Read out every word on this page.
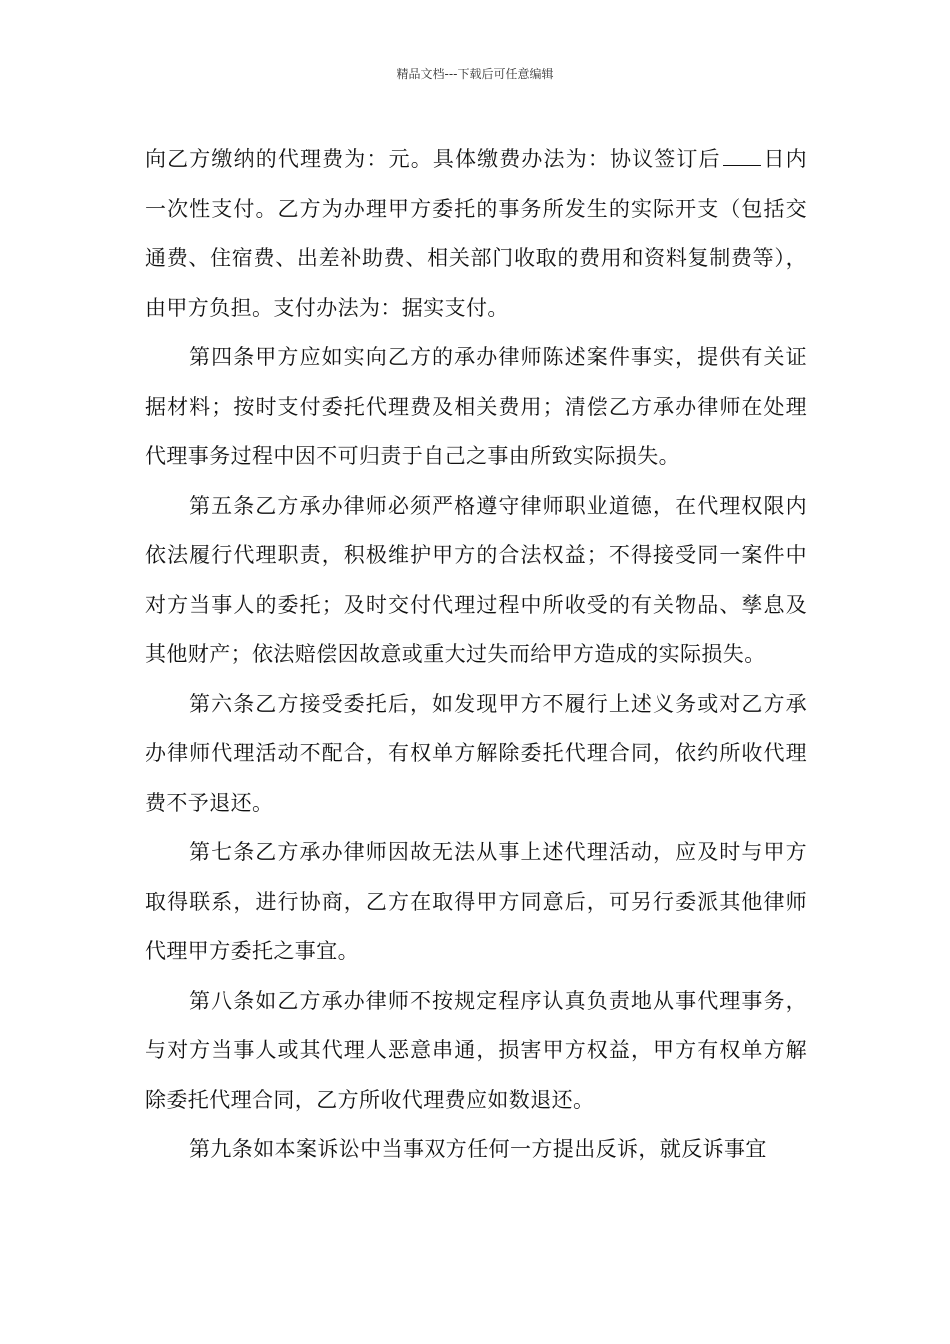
精品文档---下载后可任意编辑

向乙方缴纳的代理费为：元。具体缴费办法为：协议签订后 日内一次性支付。乙方为办理甲方委托的事务所发生的实际开支（包括交通费、住宿费、出差补助费、相关部门收取的费用和资料复制费等），由甲方负担。支付办法为：据实支付。

第四条甲方应如实向乙方的承办律师陈述案件事实，提供有关证据材料；按时支付委托代理费及相关费用；清偿乙方承办律师在处理代理事务过程中因不可归责于自己之事由所致实际损失。

第五条乙方承办律师必须严格遵守律师职业道德，在代理权限内依法履行代理职责，积极维护甲方的合法权益；不得接受同一案件中对方当事人的委托；及时交付代理过程中所收受的有关物品、孳息及其他财产；依法赔偿因故意或重大过失而给甲方造成的实际损失。

第六条乙方接受委托后，如发现甲方不履行上述义务或对乙方承办律师代理活动不配合，有权单方解除委托代理合同，依约所收代理费不予退还。

第七条乙方承办律师因故无法从事上述代理活动，应及时与甲方取得联系，进行协商，乙方在取得甲方同意后，可另行委派其他律师代理甲方委托之事宜。

第八条如乙方承办律师不按规定程序认真负责地从事代理事务，与对方当事人或其代理人恶意串通，损害甲方权益，甲方有权单方解除委托代理合同，乙方所收代理费应如数退还。

第九条如本案诉讼中当事双方任何一方提出反诉，就反诉事宜
